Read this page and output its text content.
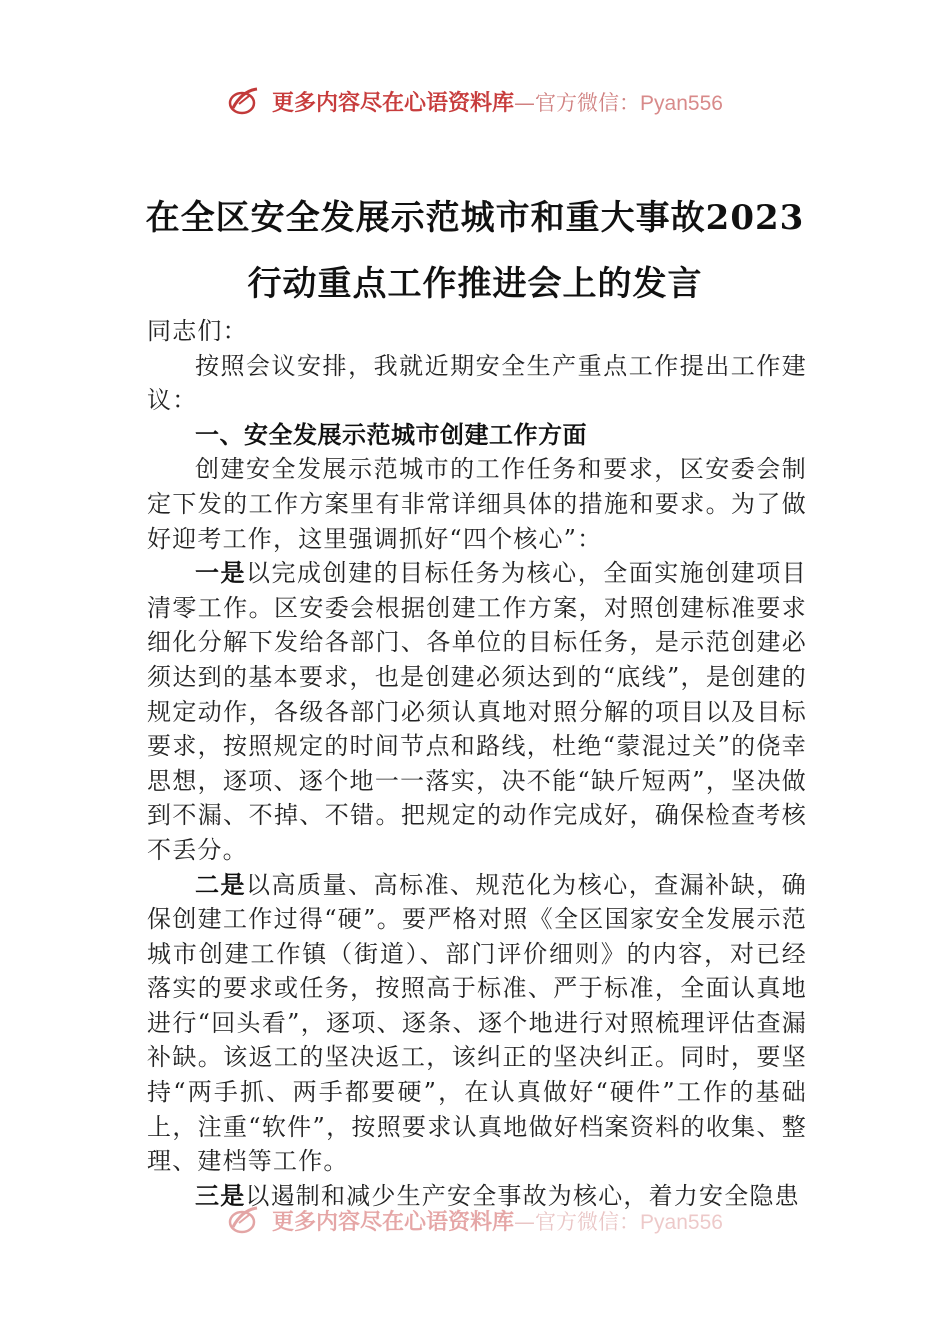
更多内容尽在心语资料库—官方微信：Pyan556
在全区安全发展示范城市和重大事故2023
行动重点工作推进会上的发言

同志们：

按照会议安排，我就近期安全生产重点工作提出工作建议：

一、安全发展示范城市创建工作方面

创建安全发展示范城市的工作任务和要求，区安委会制定下发的工作方案里有非常详细具体的措施和要求。为了做好迎考工作，这里强调抓好“四个核心”：

一是以完成创建的目标任务为核心，全面实施创建项目清零工作。区安委会根据创建工作方案，对照创建标准要求细化分解下发给各部门、各单位的目标任务，是示范创建必须达到的基本要求，也是创建必须达到的“底线”，是创建的规定动作，各级各部门必须认真地对照分解的项目以及目标要求，按照规定的时间节点和路线，杜绝“蒙混过关”的侥幸思想，逐项、逐个地一一落实，决不能“缺斤短两”，坚决做到不漏、不掉、不错。把规定的动作完成好，确保检查考核不丢分。

二是以高质量、高标准、规范化为核心，查漏补缺，确保创建工作过得“硬”。要严格对照《全区国家安全发展示范城市创建工作镇（街道）、部门评价细则》的内容，对已经落实的要求或任务，按照高于标准、严于标准，全面认真地进行“回头看”，逐项、逐条、逐个地进行对照梳理评估查漏补缺。该返工的坚决返工，该纠正的坚决纠正。同时，要坚持“两手抓、两手都要硬”，在认真做好“硬件”工作的基础上，注重“软件”，按照要求认真地做好档案资料的收集、整理、建档等工作。

三是以遏制和减少生产安全事故为核心，着力安全隐患

更多内容尽在心语资料库—官方微信：Pyan556
